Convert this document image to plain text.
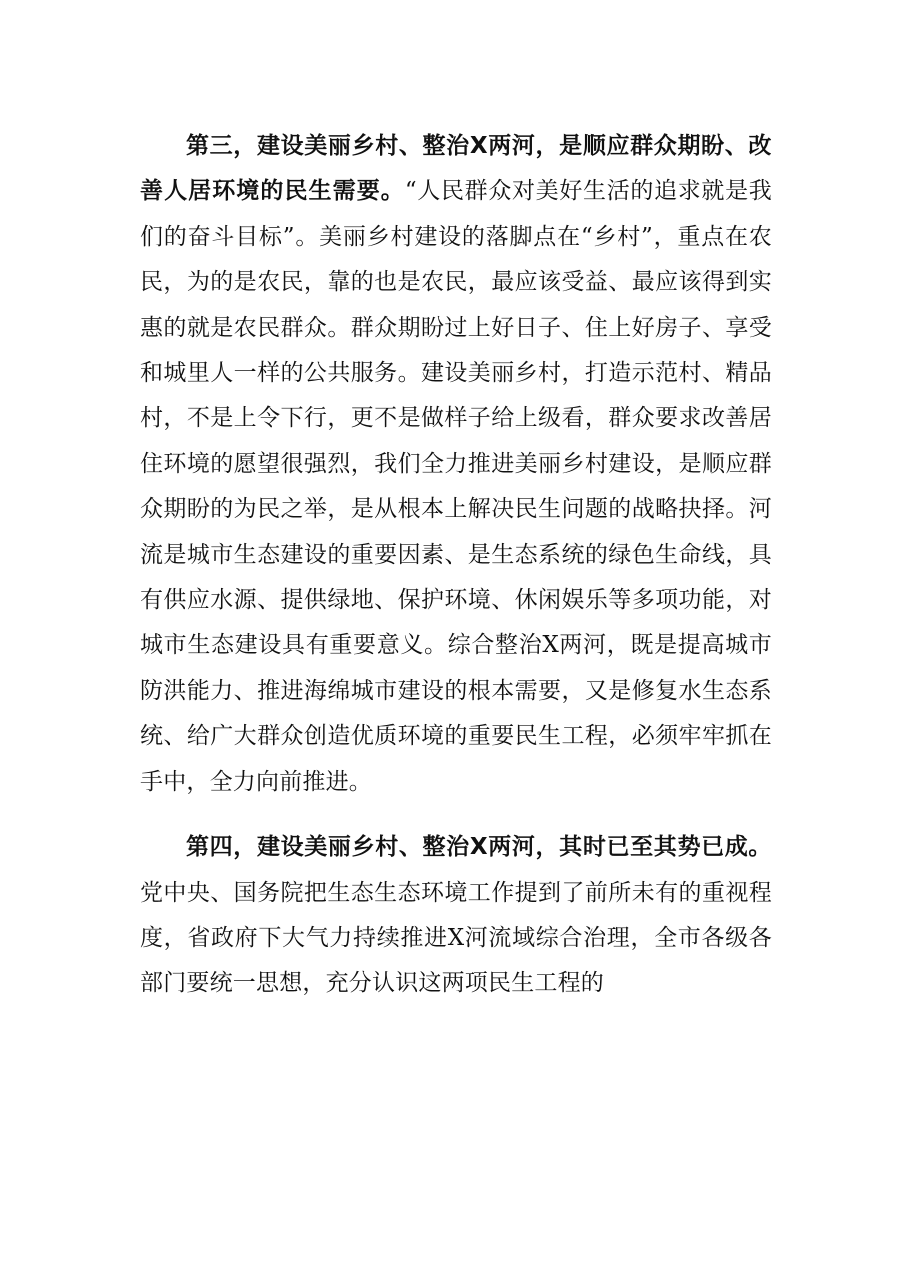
第三，建设美丽乡村、整治X两河，是顺应群众期盼、改善人居环境的民生需要。“人民群众对美好生活的追求就是我们的奋斗目标”。美丽乡村建设的落脚点在“乡村”，重点在农民，为的是农民，靠的也是农民，最应该受益、最应该得到实惠的就是农民群众。群众期盼过上好日子、住上好房子、享受和城里人一样的公共服务。建设美丽乡村，打造示范村、精品村，不是上令下行，更不是做样子给上级看，群众要求改善居住环境的愿望很强烈，我们全力推进美丽乡村建设，是顺应群众期盼的为民之举，是从根本上解决民生问题的战略抉择。河流是城市生态建设的重要因素、是生态系统的绿色生命线，具有供应水源、提供绿地、保护环境、休闲娱乐等多项功能，对城市生态建设具有重要意义。综合整治X两河，既是提高城市防洪能力、推进海绵城市建设的根本需要，又是修复水生态系统、给广大群众创造优质环境的重要民生工程，必须牢牢抓在手中，全力向前推进。

第四，建设美丽乡村、整治X两河，其时已至其势已成。党中央、国务院把生态生态环境工作提到了前所未有的重视程度，省政府下大气力持续推进X河流域综合治理，全市各级各部门要统一思想，充分认识这两项民生工程的
